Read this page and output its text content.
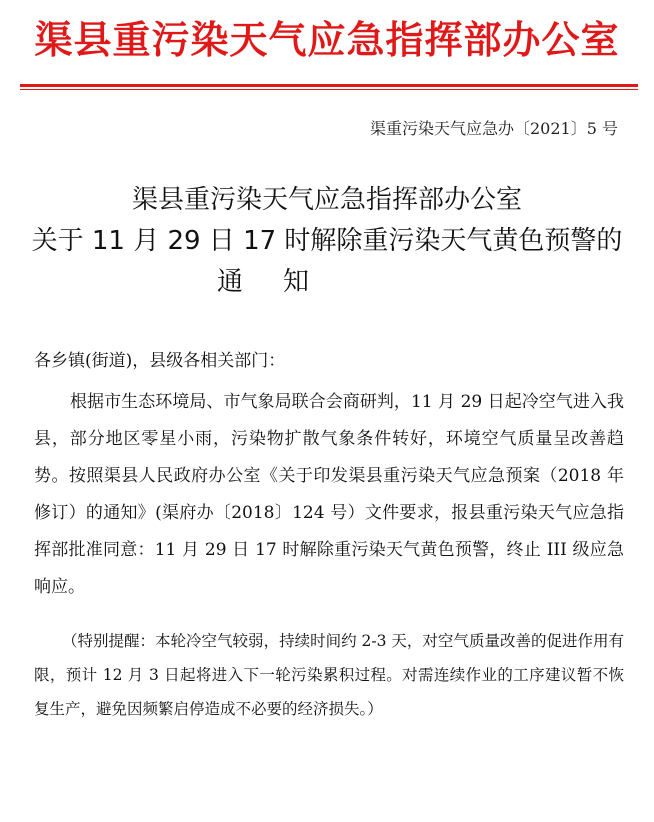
渠县重污染天气应急指挥部办公室
渠重污染天气应急办〔2021〕5 号
渠县重污染天气应急指挥部办公室
关于 11 月 29 日 17 时解除重污染天气黄色预警的
通知
各乡镇(街道)，县级各相关部门：
根据市生态环境局、市气象局联合会商研判，11 月 29 日起冷空气进入我县，部分地区零星小雨，污染物扩散气象条件转好，环境空气质量呈改善趋势。按照渠县人民政府办公室《关于印发渠县重污染天气应急预案（2018 年修订）的通知》(渠府办〔2018〕124 号）文件要求，报县重污染天气应急指挥部批准同意：11 月 29 日 17 时解除重污染天气黄色预警，终止 III 级应急响应。
（特别提醒：本轮冷空气较弱，持续时间约 2-3 天，对空气质量改善的促进作用有限，预计 12 月 3 日起将进入下一轮污染累积过程。对需连续作业的工序建议暂不恢复生产，避免因频繁启停造成不必要的经济损失。）
